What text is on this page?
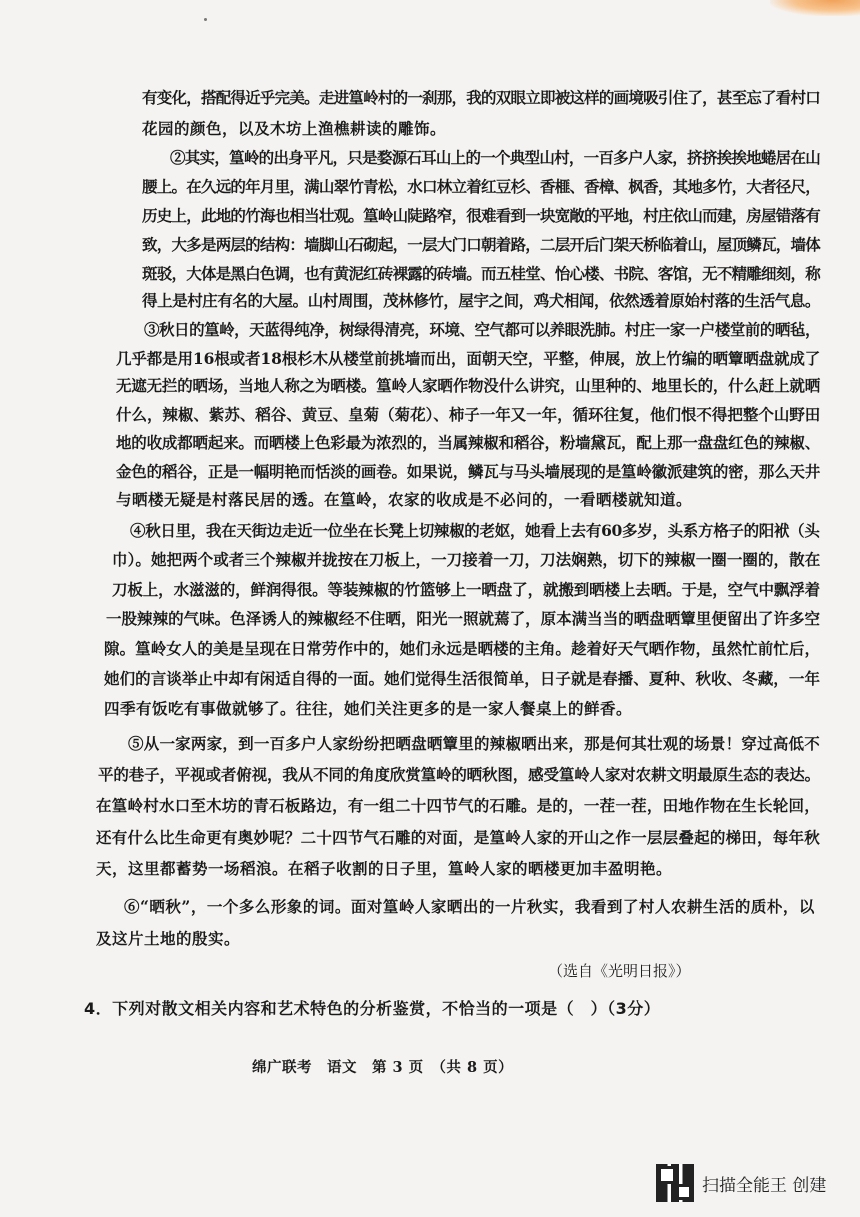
有变化，搭配得近乎完美。走进篁岭村的一刹那，我的双眼立即被这样的画境吸引住了，甚至忘了看村口
花园的颜色，以及木坊上渔樵耕读的雕饰。
②其实，篁岭的出身平凡，只是婺源石耳山上的一个典型山村，一百多户人家，挤挤挨挨地蜷居在山
腰上。在久远的年月里，满山翠竹青松，水口林立着红豆杉、香榧、香樟、枫香，其地多竹，大者径尺，
历史上，此地的竹海也相当壮观。篁岭山陡路窄，很难看到一块宽敞的平地，村庄依山而建，房屋错落有
致，大多是两层的结构：墙脚山石砌起，一层大门口朝着路，二层开后门架天桥临着山，屋顶鳞瓦，墙体
斑驳，大体是黑白色调，也有黄泥红砖裸露的砖墙。而五桂堂、怡心楼、书院、客馆，无不精雕细刻，称
得上是村庄有名的大屋。山村周围，茂林修竹，屋宇之间，鸡犬相闻，依然透着原始村落的生活气息。
③秋日的篁岭，天蓝得纯净，树绿得清亮，环境、空气都可以养眼洗肺。村庄一家一户楼堂前的晒毡，
几乎都是用16根或者18根杉木从楼堂前挑墙而出，面朝天空，平整，伸展，放上竹编的晒簟晒盘就成了
无遮无拦的晒场，当地人称之为晒楼。篁岭人家晒作物没什么讲究，山里种的、地里长的，什么赶上就晒
什么，辣椒、紫苏、稻谷、黄豆、皇菊（菊花）、柿子一年又一年，循环往复，他们恨不得把整个山野田
地的收成都晒起来。而晒楼上色彩最为浓烈的，当属辣椒和稻谷，粉墙黛瓦，配上那一盘盘红色的辣椒、
金色的稻谷，正是一幅明艳而恬淡的画卷。如果说，鳞瓦与马头墙展现的是篁岭徽派建筑的密，那么天井
与晒楼无疑是村落民居的透。在篁岭，农家的收成是不必问的，一看晒楼就知道。
④秋日里，我在天街边走近一位坐在长凳上切辣椒的老妪，她看上去有60多岁，头系方格子的阳袱（头
巾）。她把两个或者三个辣椒并拢按在刀板上，一刀接着一刀，刀法娴熟，切下的辣椒一圈一圈的，散在
刀板上，水滋滋的，鲜润得很。等装辣椒的竹篮够上一晒盘了，就搬到晒楼上去晒。于是，空气中飘浮着
一股辣辣的气味。色泽诱人的辣椒经不住晒，阳光一照就蔫了，原本满当当的晒盘晒簟里便留出了许多空
隙。篁岭女人的美是呈现在日常劳作中的，她们永远是晒楼的主角。趁着好天气晒作物，虽然忙前忙后，
她们的言谈举止中却有闲适自得的一面。她们觉得生活很简单，日子就是春播、夏种、秋收、冬藏，一年
四季有饭吃有事做就够了。往往，她们关注更多的是一家人餐桌上的鲜香。
⑤从一家两家，到一百多户人家纷纷把晒盘晒簟里的辣椒晒出来，那是何其壮观的场景！穿过高低不
平的巷子，平视或者俯视，我从不同的角度欣赏篁岭的晒秋图，感受篁岭人家对农耕文明最原生态的表达。
在篁岭村水口至木坊的青石板路边，有一组二十四节气的石雕。是的，一茬一茬，田地作物在生长轮回，
还有什么比生命更有奥妙呢？二十四节气石雕的对面，是篁岭人家的开山之作一层层叠起的梯田，每年秋
天，这里都蓄势一场稻浪。在稻子收割的日子里，篁岭人家的晒楼更加丰盈明艳。
⑥“晒秋”，一个多么形象的词。面对篁岭人家晒出的一片秋实，我看到了村人农耕生活的质朴，以
及这片土地的殷实。
（选自《光明日报》）
4．下列对散文相关内容和艺术特色的分析鉴赏，不恰当的一项是（　）（3分）
绵广联考　语文　第 3 页　（共 8 页）
扫描全能王 创建
